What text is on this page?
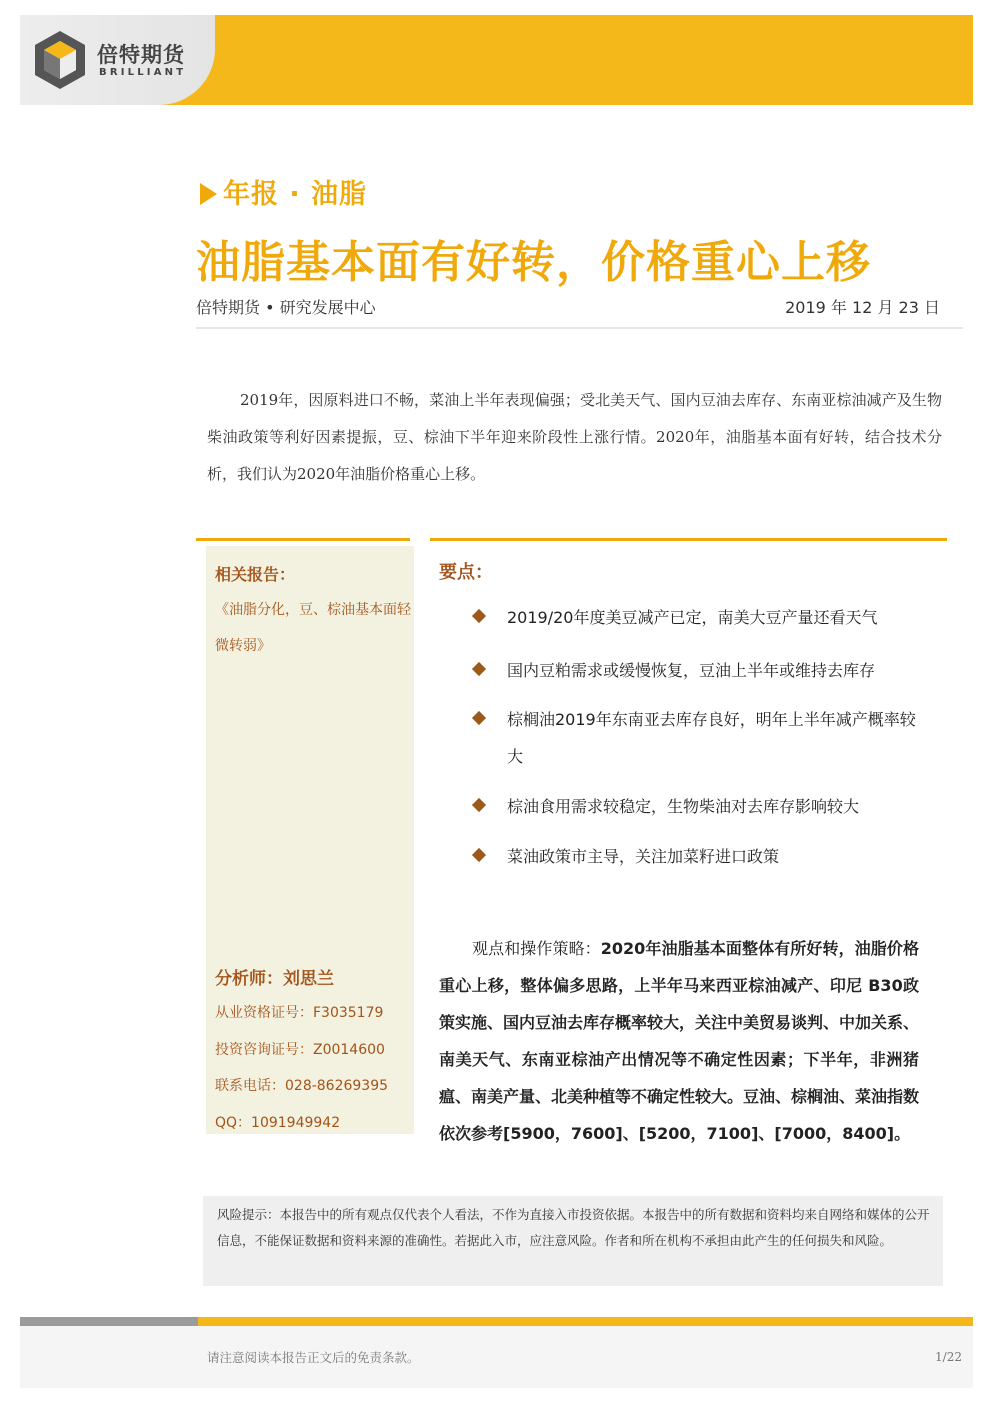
倍特期货
BRILLIANT
年报 · 油脂
油脂基本面有好转，价格重心上移
倍特期货 • 研究发展中心	2019 年 12 月 23 日
2019年，因原料进口不畅，菜油上半年表现偏强；受北美天气、国内豆油去库存、东南亚棕油减产及生物柴油政策等利好因素提振，豆、棕油下半年迎来阶段性上涨行情。2020年，油脂基本面有好转，结合技术分析，我们认为2020年油脂价格重心上移。
相关报告：
《油脂分化，豆、棕油基本面轻微转弱》
分析师：刘思兰
从业资格证号：F3035179
投资咨询证号：Z0014600
联系电话：028-86269395
QQ：1091949942
要点：
2019/20年度美豆减产已定，南美大豆产量还看天气
国内豆粕需求或缓慢恢复，豆油上半年或维持去库存
棕榈油2019年东南亚去库存良好，明年上半年减产概率较大
棕油食用需求较稳定，生物柴油对去库存影响较大
菜油政策市主导，关注加菜籽进口政策
观点和操作策略：2020年油脂基本面整体有所好转，油脂价格重心上移，整体偏多思路，上半年马来西亚棕油减产、印尼 B30政策实施、国内豆油去库存概率较大，关注中美贸易谈判、中加关系、南美天气、东南亚棕油产出情况等不确定性因素；下半年，非洲猪瘟、南美产量、北美种植等不确定性较大。豆油、棕榈油、菜油指数依次参考[5900，7600]、[5200，7100]、[7000，8400]。
风险提示：本报告中的所有观点仅代表个人看法，不作为直接入市投资依据。本报告中的所有数据和资料均来自网络和媒体的公开信息，不能保证数据和资料来源的准确性。若据此入市，应注意风险。作者和所在机构不承担由此产生的任何损失和风险。
请注意阅读本报告正文后的免责条款。	1/22
